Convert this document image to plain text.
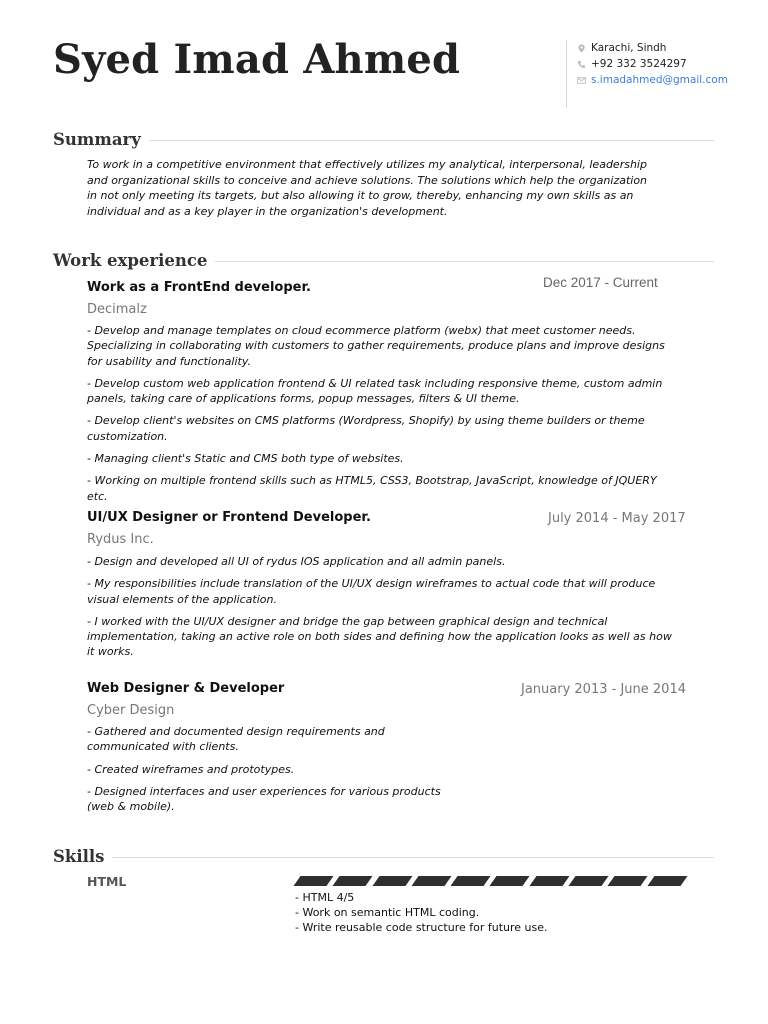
Syed Imad Ahmed	Karachi, Sindh
+92 332 3524297
s.imadahmed@gmail.com
Summary
To work in a competitive environment that effectively utilizes my analytical, interpersonal, leadership and organizational skills to conceive and achieve solutions. The solutions which help the organization in not only meeting its targets, but also allowing it to grow, thereby, enhancing my own skills as an individual and as a key player in the organization's development.
Work experience
Work as a FrontEnd developer.	Dec 2017 - Current
Decimalz

- Develop and manage templates on cloud ecommerce platform (webx) that meet customer needs. Specializing in collaborating with customers to gather requirements, produce plans and improve designs for usability and functionality.

- Develop custom web application frontend & UI related task including responsive theme, custom admin panels, taking care of applications forms, popup messages, filters & UI theme.

- Develop client's websites on CMS platforms (Wordpress, Shopify) by using theme builders or theme customization.

- Managing client's Static and CMS both type of websites.

- Working on multiple frontend skills such as HTML5, CSS3, Bootstrap, JavaScript, knowledge of JQUERY etc.

UI/UX Designer or Frontend Developer.	July 2014 - May 2017
Rydus Inc.

- Design and developed all UI of rydus IOS application and all admin panels.

- My responsibilities include translation of the UI/UX design wireframes to actual code that will produce visual elements of the application.

- I worked with the UI/UX designer and bridge the gap between graphical design and technical implementation, taking an active role on both sides and defining how the application looks as well as how it works.

Web Designer & Developer	January 2013 - June 2014
Cyber Design

- Gathered and documented design requirements and communicated with clients.

- Created wireframes and prototypes.

- Designed interfaces and user experiences for various products (web & mobile).

Skills
HTML
- HTML 4/5
- Work on semantic HTML coding.
- Write reusable code structure for future use.
